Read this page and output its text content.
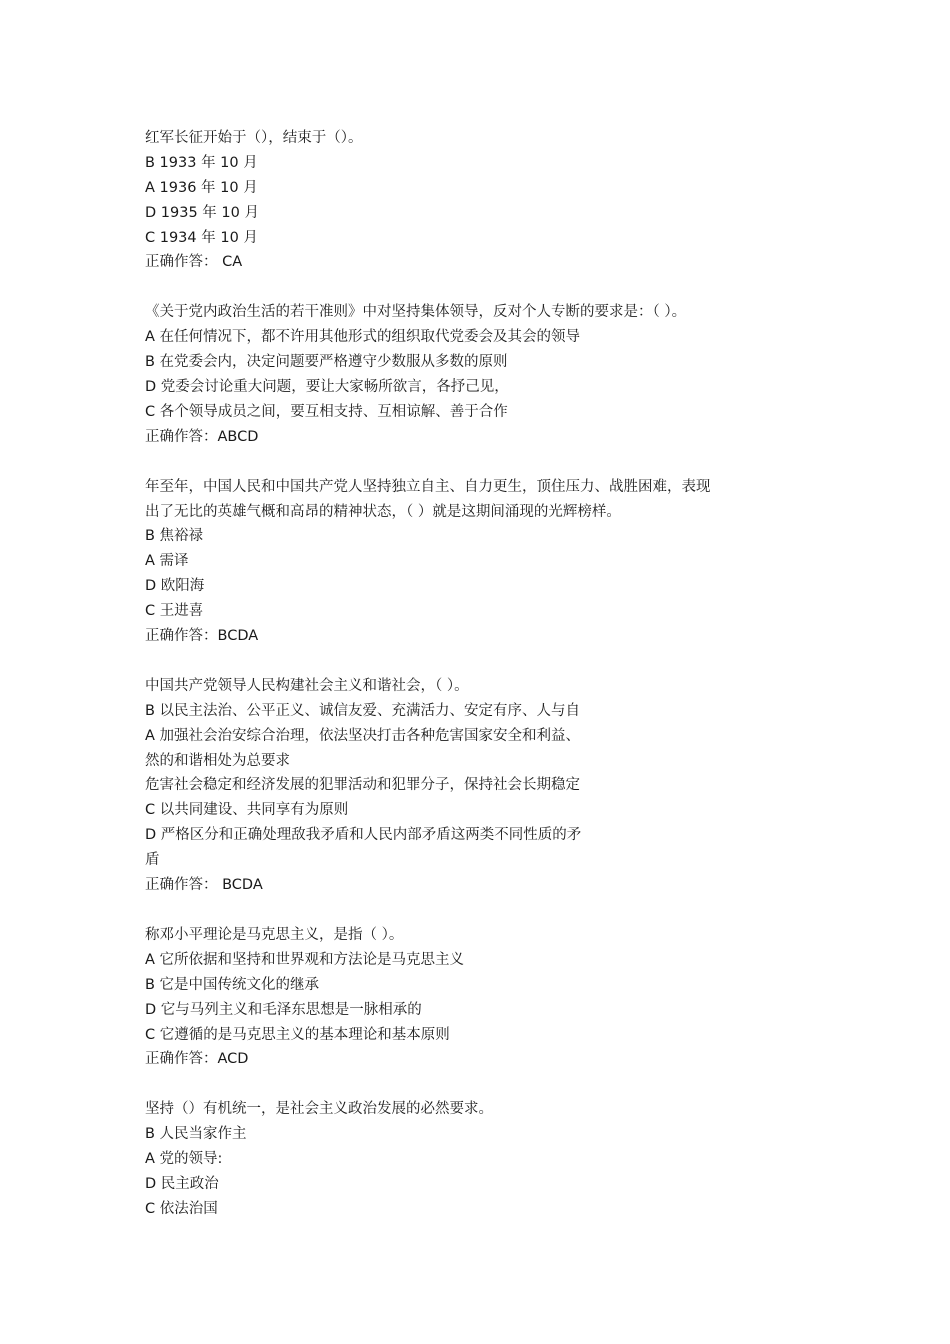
红军长征开始于（），结束于（）。
B 1933 年 10 月
A 1936 年 10 月
D 1935 年 10 月
C 1934 年 10 月
正确作答： CA
《关于党内政治生活的若干准则》中对坚持集体领导，反对个人专断的要求是：（ ）。
A 在任何情况下，都不许用其他形式的组织取代党委会及其会的领导
B 在党委会内，决定问题要严格遵守少数服从多数的原则
D 党委会讨论重大问题，要让大家畅所欲言，各抒己见，
C 各个领导成员之间，要互相支持、互相谅解、善于合作
正确作答：ABCD
年至年，中国人民和中国共产党人坚持独立自主、自力更生，顶住压力、战胜困难，表现
出了无比的英雄气概和高昂的精神状态，（ ）就是这期间涌现的光辉榜样。
B 焦裕禄
A 需译
D 欧阳海
C 王进喜
正确作答：BCDA
中国共产党领导人民构建社会主义和谐社会，（ ）。
B 以民主法治、公平正义、诚信友爱、充满活力、安定有序、人与自
A 加强社会治安综合治理，依法坚决打击各种危害国家安全和利益、
然的和谐相处为总要求
危害社会稳定和经济发展的犯罪活动和犯罪分子，保持社会长期稳定
C 以共同建设、共同享有为原则
D 严格区分和正确处理敌我矛盾和人民内部矛盾这两类不同性质的矛
盾
正确作答： BCDA
称邓小平理论是马克思主义，是指（ ）。
A 它所依据和坚持和世界观和方法论是马克思主义
B 它是中国传统文化的继承
D 它与马列主义和毛泽东思想是一脉相承的
C 它遵循的是马克思主义的基本理论和基本原则
正确作答：ACD
坚持（）有机统一，是社会主义政治发展的必然要求。
B 人民当家作主
A 党的领导:
D 民主政治
C 依法治国
